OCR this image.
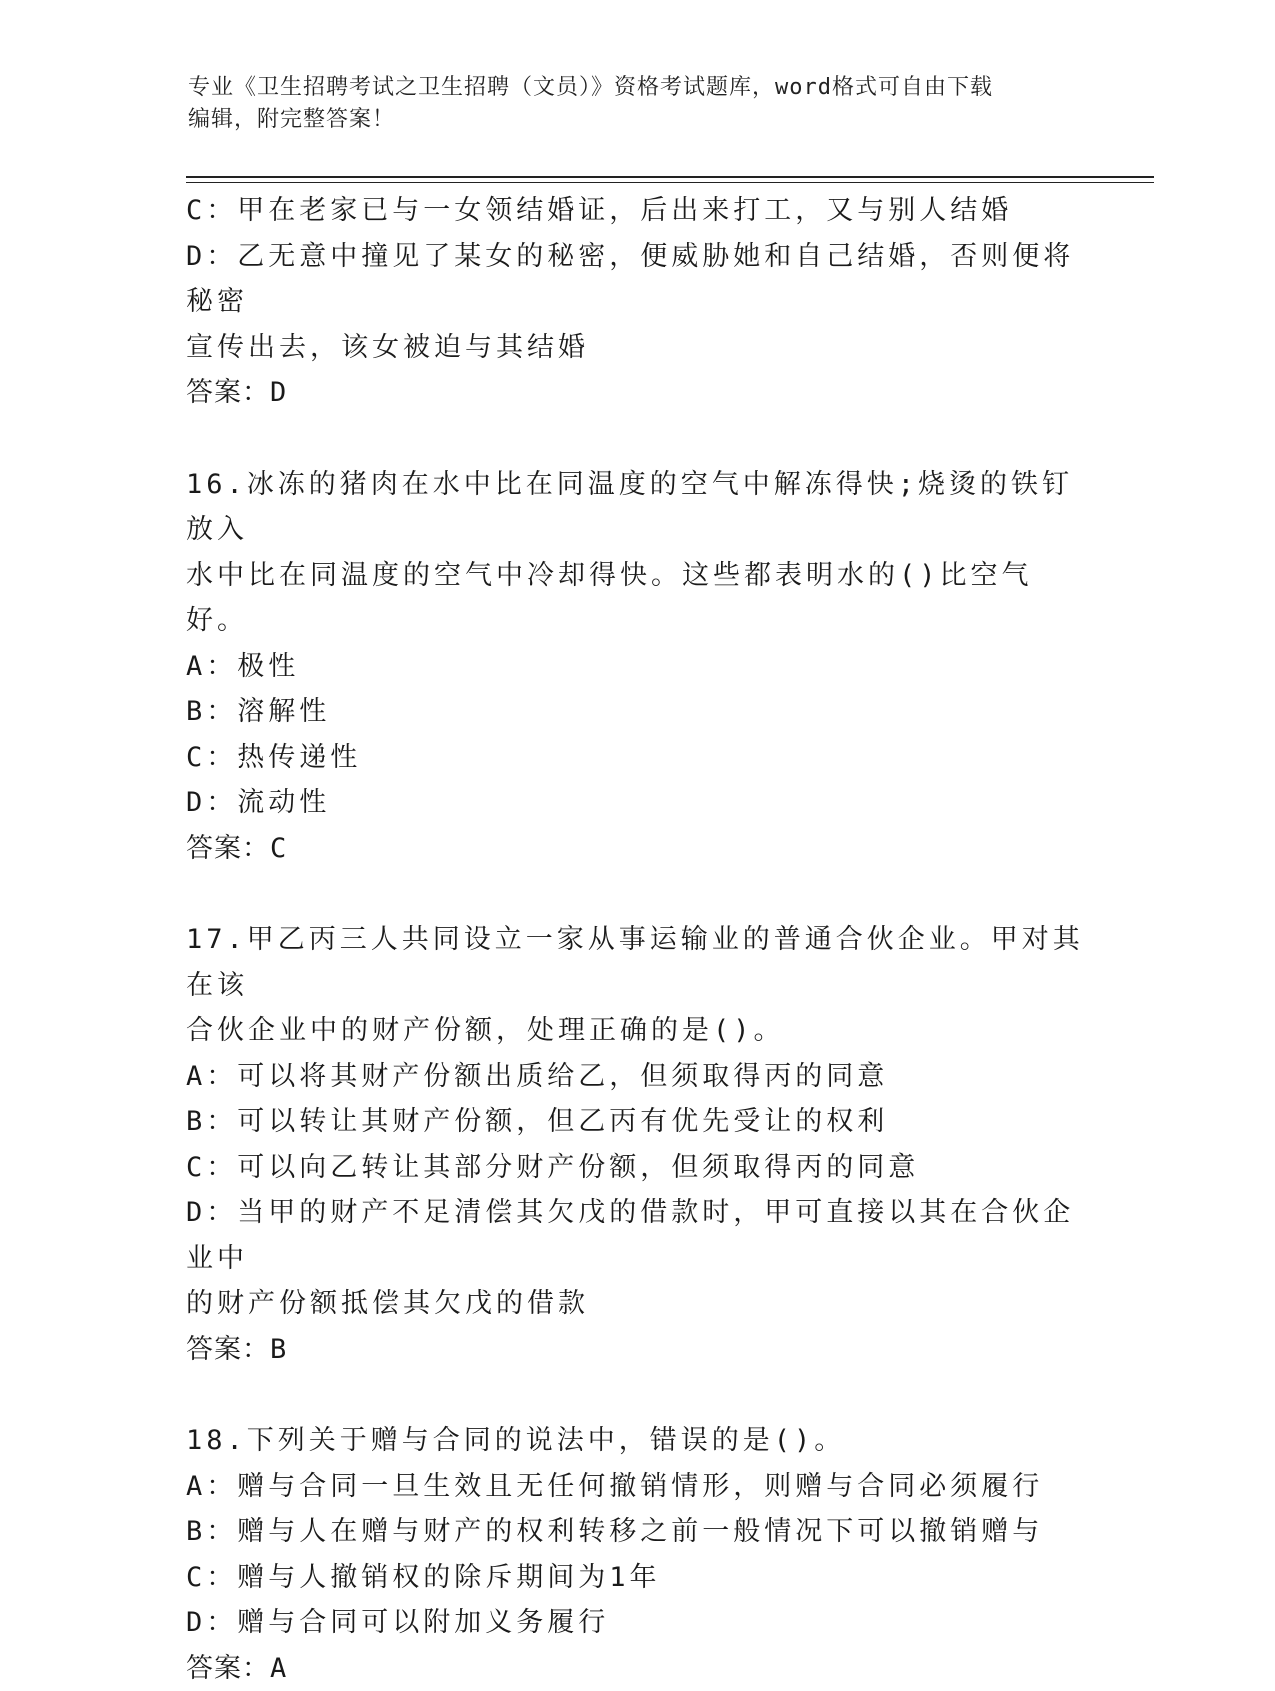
专业《卫生招聘考试之卫生招聘（文员）》资格考试题库，word格式可自由下载
编辑，附完整答案！

C：甲在老家已与一女领结婚证，后出来打工，又与别人结婚

D：乙无意中撞见了某女的秘密，便威胁她和自己结婚，否则便将秘密

宣传出去，该女被迫与其结婚

答案：D

16.冰冻的猪肉在水中比在同温度的空气中解冻得快;烧烫的铁钉放入

水中比在同温度的空气中冷却得快。这些都表明水的()比空气好。

A：极性

B：溶解性

C：热传递性

D：流动性

答案：C

17.甲乙丙三人共同设立一家从事运输业的普通合伙企业。甲对其在该

合伙企业中的财产份额，处理正确的是()。

A：可以将其财产份额出质给乙，但须取得丙的同意

B：可以转让其财产份额，但乙丙有优先受让的权利

C：可以向乙转让其部分财产份额，但须取得丙的同意

D：当甲的财产不足清偿其欠戊的借款时，甲可直接以其在合伙企业中

的财产份额抵偿其欠戊的借款

答案：B

18.下列关于赠与合同的说法中，错误的是()。

A：赠与合同一旦生效且无任何撤销情形，则赠与合同必须履行

B：赠与人在赠与财产的权利转移之前一般情况下可以撤销赠与

C：赠与人撤销权的除斥期间为1年

D：赠与合同可以附加义务履行

答案：A
